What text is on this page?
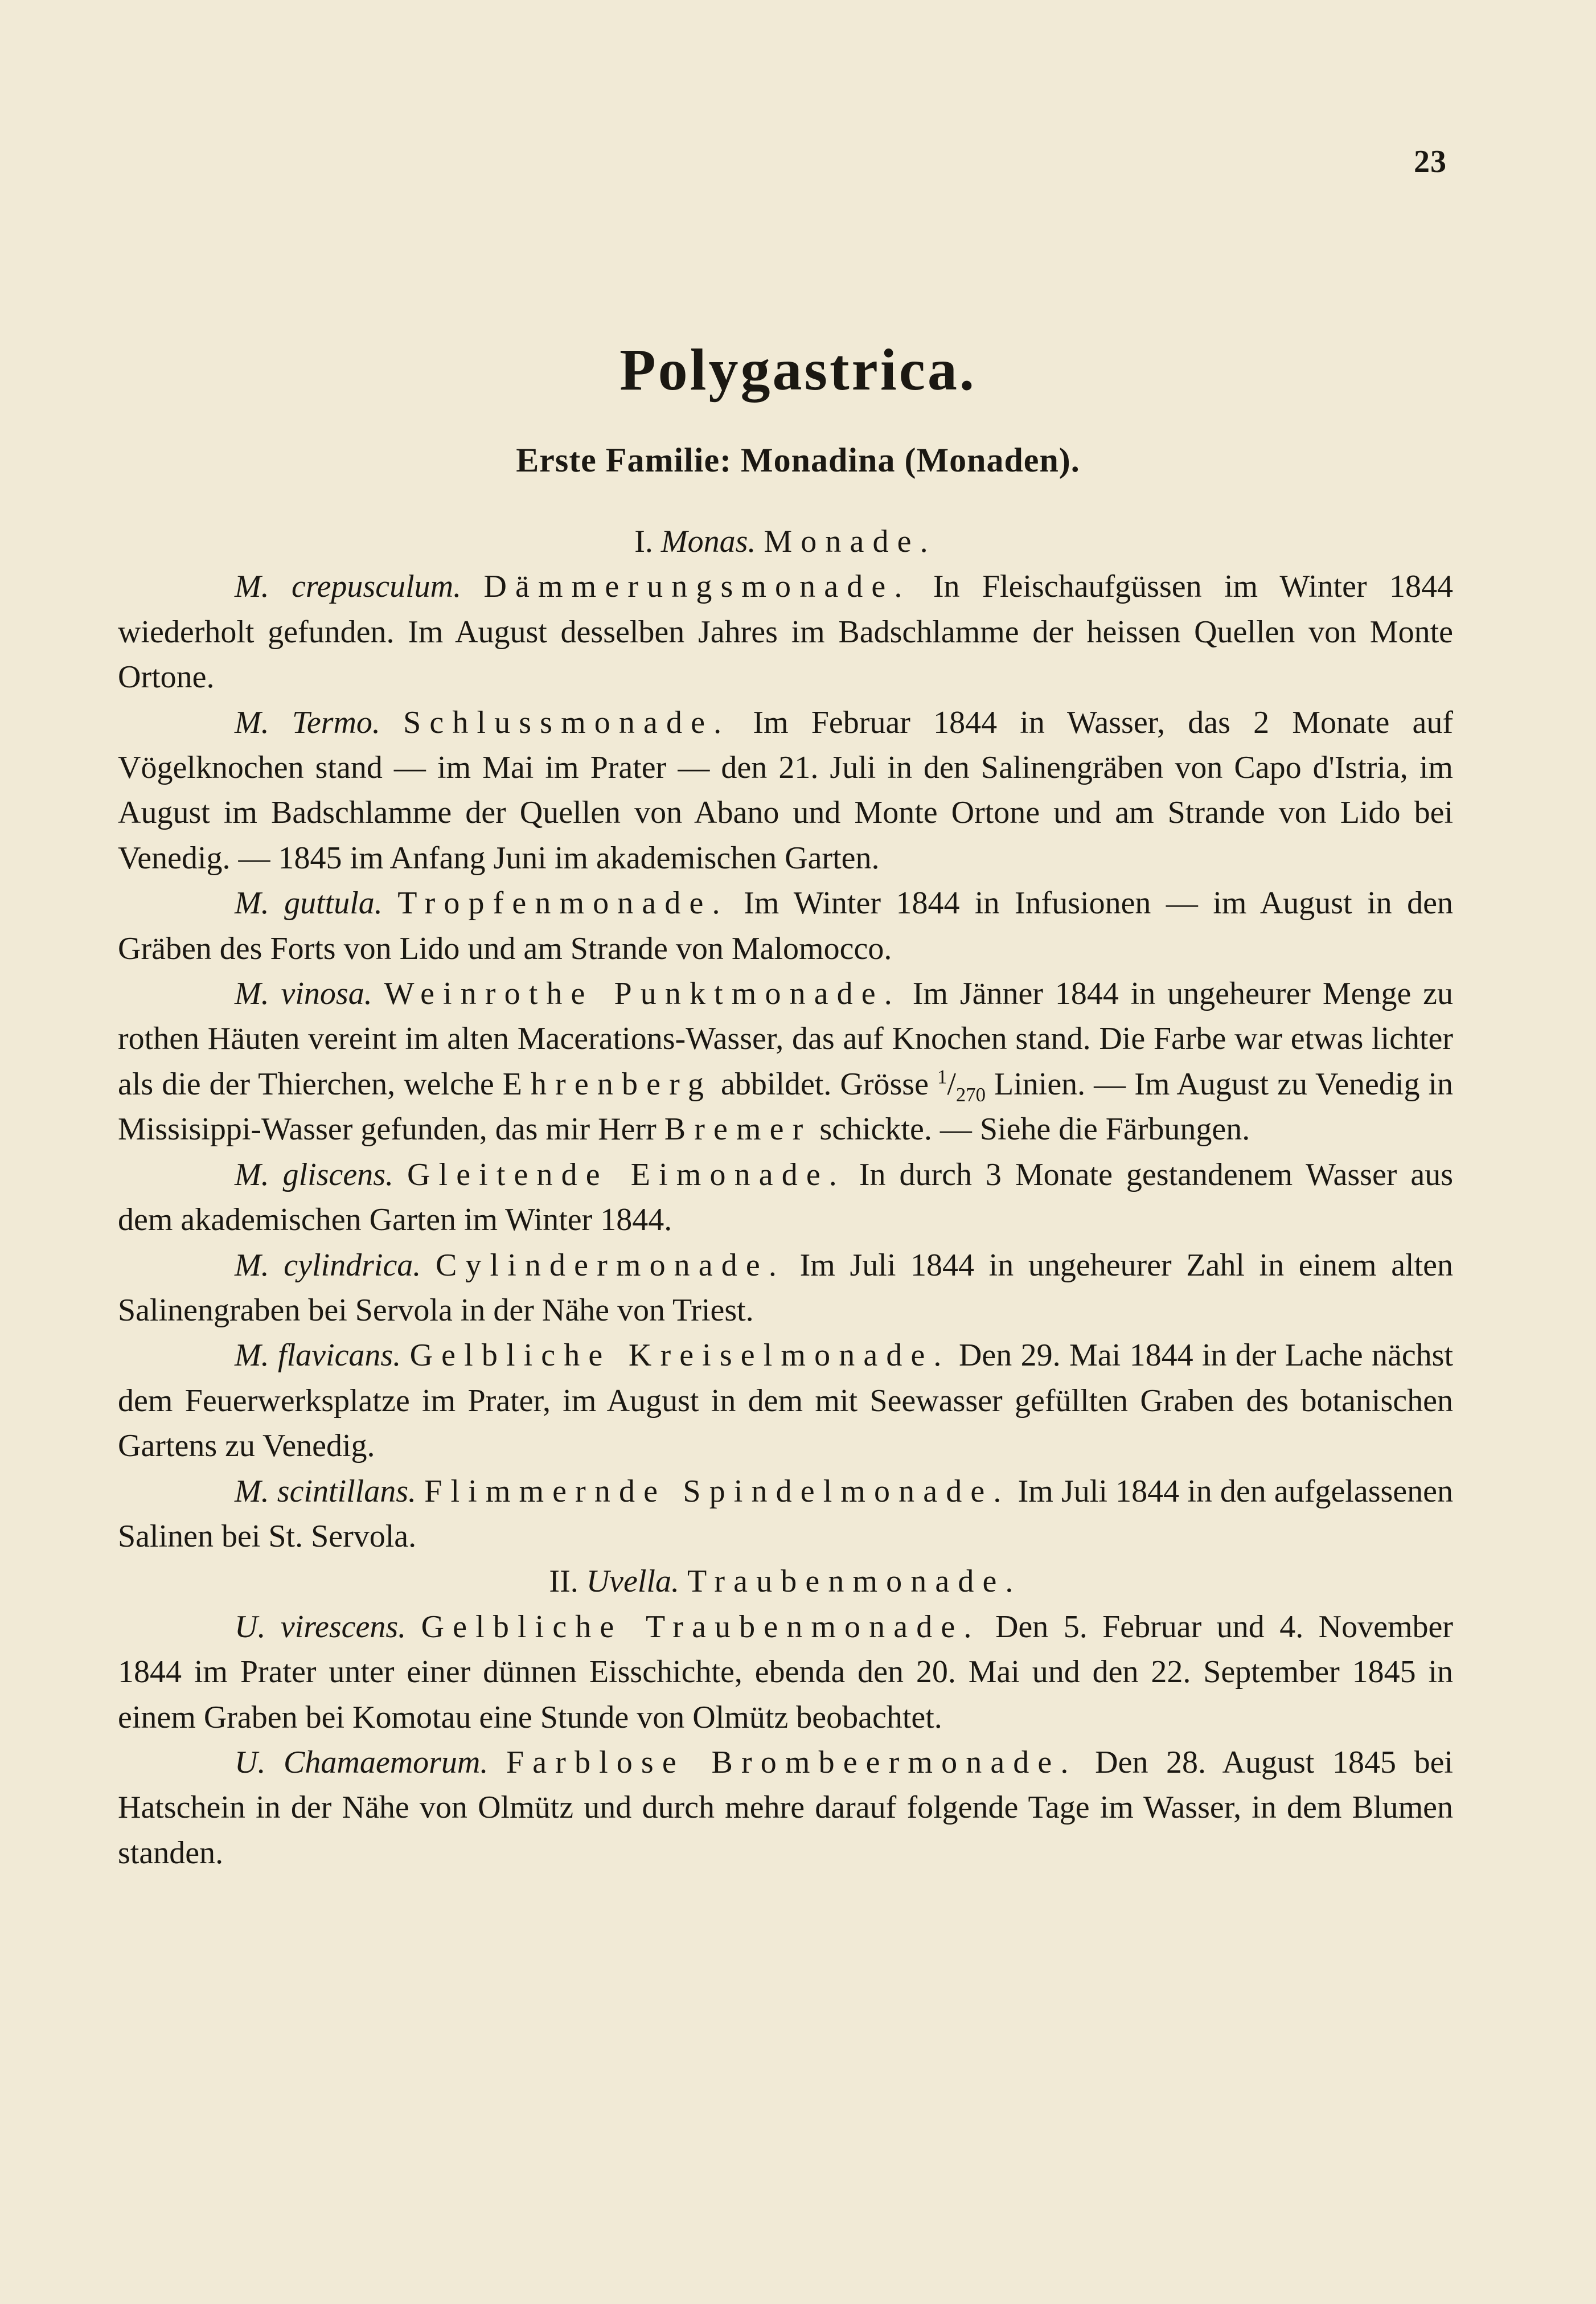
23
Polygastrica.
Erste Familie: Monadina (Monaden).

I. Monas. Monade.

M. crepusculum. Dämmerungsmonade. In Fleischaufgüssen im Winter 1844 wiederholt gefunden. Im August desselben Jahres im Badschlamme der heissen Quellen von Monte Ortone.

M. Termo. Schlussmonade. Im Februar 1844 in Wasser, das 2 Monate auf Vögelknochen stand — im Mai im Prater — den 21. Juli in den Salinengräben von Capo d'Istria, im August im Badschlamme der Quellen von Abano und Monte Ortone und am Strande von Lido bei Venedig. — 1845 im Anfang Juni im akademischen Garten.

M. guttula. Tropfenmonade. Im Winter 1844 in Infusionen — im August in den Gräben des Forts von Lido und am Strande von Malomocco.

M. vinosa. Weinrothe Punktmonade. Im Jänner 1844 in ungeheurer Menge zu rothen Häuten vereint im alten Macerations-Wasser, das auf Knochen stand. Die Farbe war etwas lichter als die der Thierchen, welche Ehrenberg abbildet. Grösse $^1/_{270}$ Linien. — Im August zu Venedig in Missisippi-Wasser gefunden, das mir Herr Bremer schickte. — Siehe die Färbungen.

M. gliscens. Gleitende Eimonade. In durch 3 Monate gestandenem Wasser aus dem akademischen Garten im Winter 1844.

M. cylindrica. Cylindermonade. Im Juli 1844 in ungeheurer Zahl in einem alten Salinengraben bei Servola in der Nähe von Triest.

M. flavicans. Gelbliche Kreiselmonade. Den 29. Mai 1844 in der Lache nächst dem Feuerwerksplatze im Prater, im August in dem mit Seewasser gefüllten Graben des botanischen Gartens zu Venedig.

M. scintillans. Flimmernde Spindelmonade. Im Juli 1844 in den aufgelassenen Salinen bei St. Servola.

II. Uvella. Traubenmonade.

U. virescens. Gelbliche Traubenmonade. Den 5. Februar und 4. November 1844 im Prater unter einer dünnen Eisschichte, ebenda den 20. Mai und den 22. September 1845 in einem Graben bei Komotau eine Stunde von Olmütz beobachtet.

U. Chamaemorum. Farblose Brombeermonade. Den 28. August 1845 bei Hatschein in der Nähe von Olmütz und durch mehre darauf folgende Tage im Wasser, in dem Blumen standen.
